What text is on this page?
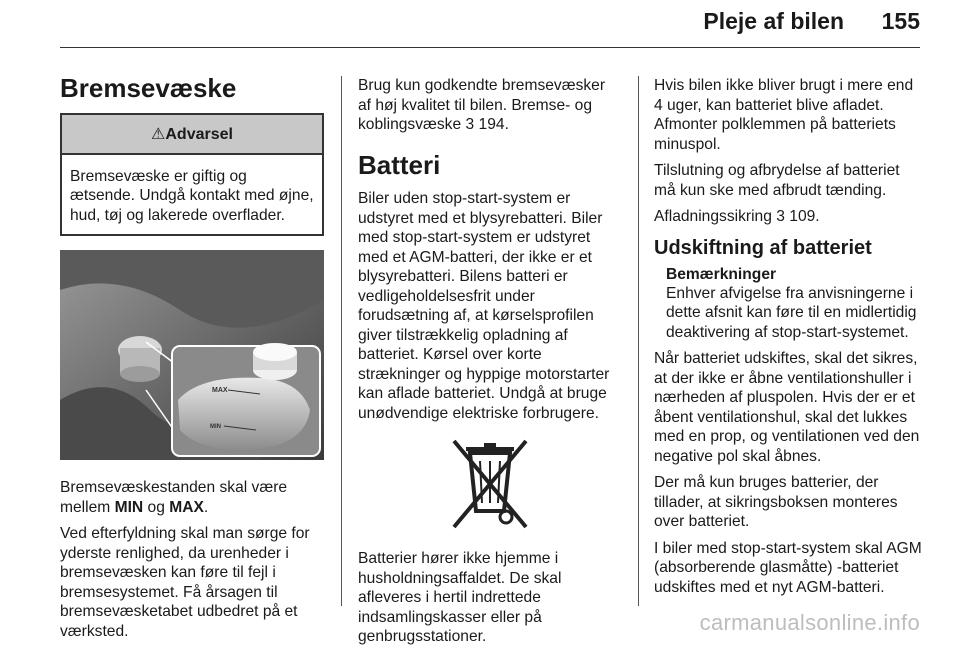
Pleje af bilen 155
Bremsevæske
⚠Advarsel
Bremsevæske er giftig og ætsende. Undgå kontakt med øjne, hud, tøj og lakerede overflader.
MAX
MIN

Bremsevæskestanden skal være mellem MIN og MAX.

Ved efterfyldning skal man sørge for yderste renlighed, da urenheder i bremsevæsken kan føre til fejl i bremsesystemet. Få årsagen til bremsevæsketabet udbedret på et værksted.

Brug kun godkendte bremsevæsker af høj kvalitet til bilen. Bremse- og koblingsvæske 3 194.

Batteri

Biler uden stop-start-system er udstyret med et blysyrebatteri. Biler med stop-start-system er udstyret med et AGM-batteri, der ikke er et blysyrebatteri. Bilens batteri er vedligeholdelsesfrit under forudsætning af, at kørselsprofilen giver tilstrækkelig opladning af batteriet. Kørsel over korte strækninger og hyppige motorstarter kan aflade batteriet. Undgå at bruge unødvendige elektriske forbrugere.

Batterier hører ikke hjemme i husholdningsaffaldet. De skal afleveres i hertil indrettede indsamlingskasser eller på genbrugsstationer.

Hvis bilen ikke bliver brugt i mere end 4 uger, kan batteriet blive afladet. Afmonter polklemmen på batteriets minuspol.

Tilslutning og afbrydelse af batteriet må kun ske med afbrudt tænding.

Afladningssikring 3 109.

Udskiftning af batteriet
Bemærkninger

Enhver afvigelse fra anvisningerne i dette afsnit kan føre til en midlertidig deaktivering af stop-start-systemet.

Når batteriet udskiftes, skal det sikres, at der ikke er åbne ventilationshuller i nærheden af pluspolen. Hvis der er et åbent ventilationshul, skal det lukkes med en prop, og ventilationen ved den negative pol skal åbnes.

Der må kun bruges batterier, der tillader, at sikringsboksen monteres over batteriet.

I biler med stop-start-system skal AGM (absorberende glasmåtte) -batteriet udskiftes med et nyt AGM-batteri.

carmanualsonline.info
